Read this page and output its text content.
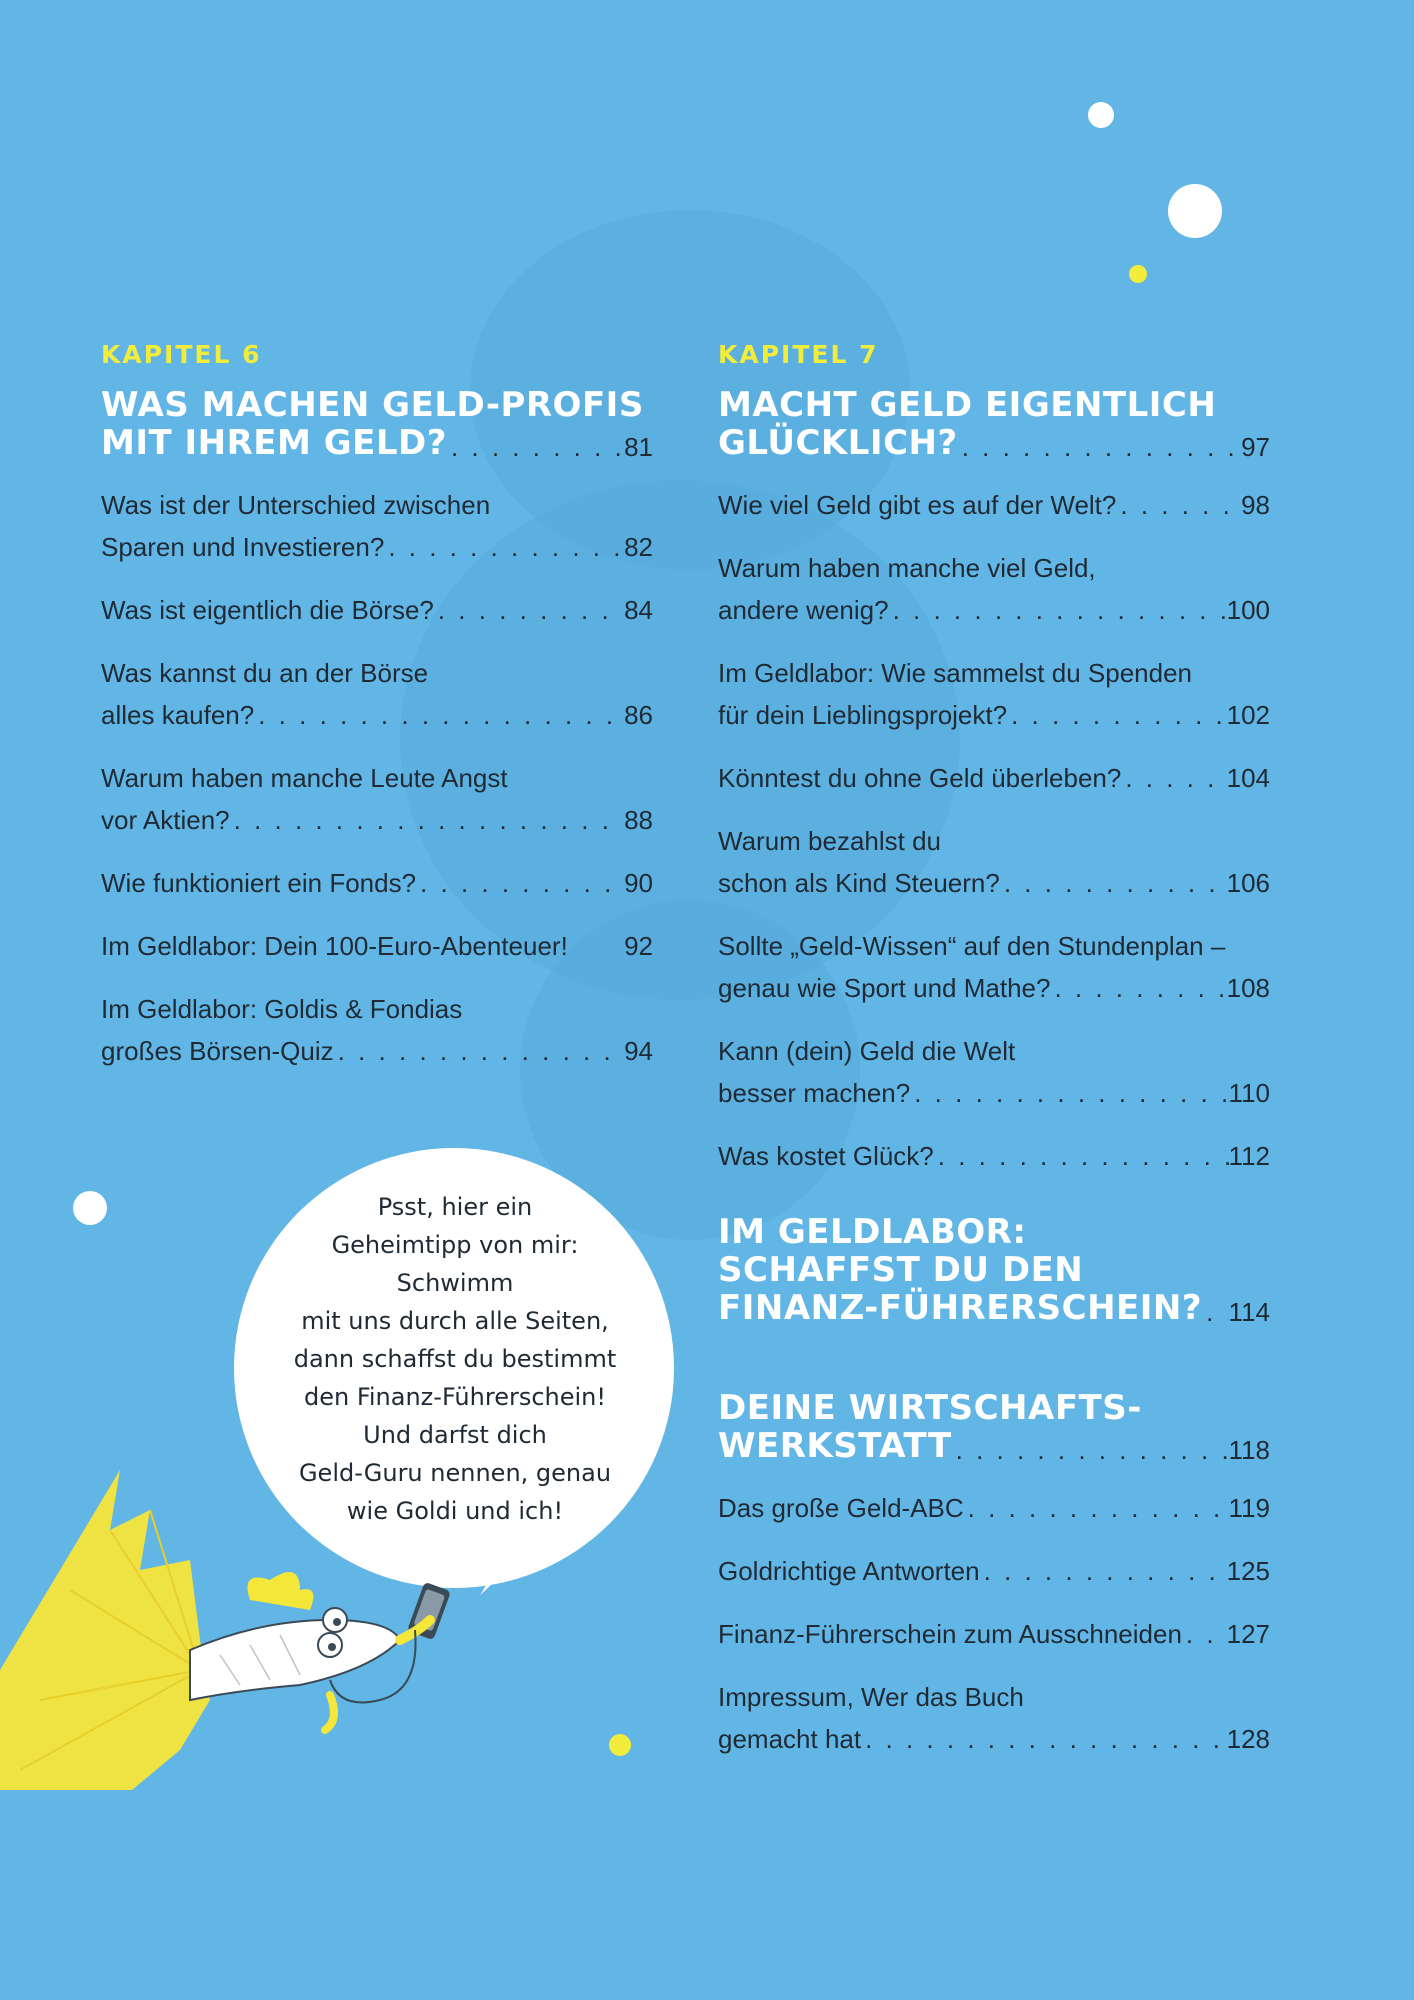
KAPITEL 6
WAS MACHEN GELD-PROFIS
MIT IHREM GELD? . . .	81
Was ist der Unterschied zwischen
Sparen und Investieren? . . .	82
Was ist eigentlich die Börse? . . .	84
Was kannst du an der Börse
alles kaufen? . . .	86
Warum haben manche Leute Angst
vor Aktien? . . .	88
Wie funktioniert ein Fonds? . . .	90
Im Geldlabor: Dein 100-Euro-Abenteuer! 92
Im Geldlabor: Goldis & Fondias
großes Börsen-Quiz . . .	94
KAPITEL 7
MACHT GELD EIGENTLICH
GLÜCKLICH? . . .	97
Wie viel Geld gibt es auf der Welt? . . .	98
Warum haben manche viel Geld,
andere wenig? . . .	100
Im Geldlabor: Wie sammelst du Spenden
für dein Lieblingsprojekt? . . .	102
Könntest du ohne Geld überleben? . . .	104
Warum bezahlst du
schon als Kind Steuern? . . .	106
Sollte „Geld-Wissen“ auf den Stundenplan –
genau wie Sport und Mathe? . . .	108
Kann (dein) Geld die Welt
besser machen? . . .	110
Was kostet Glück? . . .	112
IM GELDLABOR:
SCHAFFST DU DEN
FINANZ-FÜHRERSCHEIN? . . . 114
DEINE WIRTSCHAFTS-
WERKSTATT . . .	118
Das große Geld-ABC . . .	119
Goldrichtige Antworten . . .	125
Finanz-Führerschein zum Ausschneiden . . . 127
Impressum, Wer das Buch
gemacht hat . . .	128
Psst, hier ein
Geheimtipp von mir: Schwimm
mit uns durch alle Seiten,
dann schaffst du bestimmt
den Finanz-Führerschein!
Und darfst dich
Geld-Guru nennen, genau
wie Goldi und ich!
